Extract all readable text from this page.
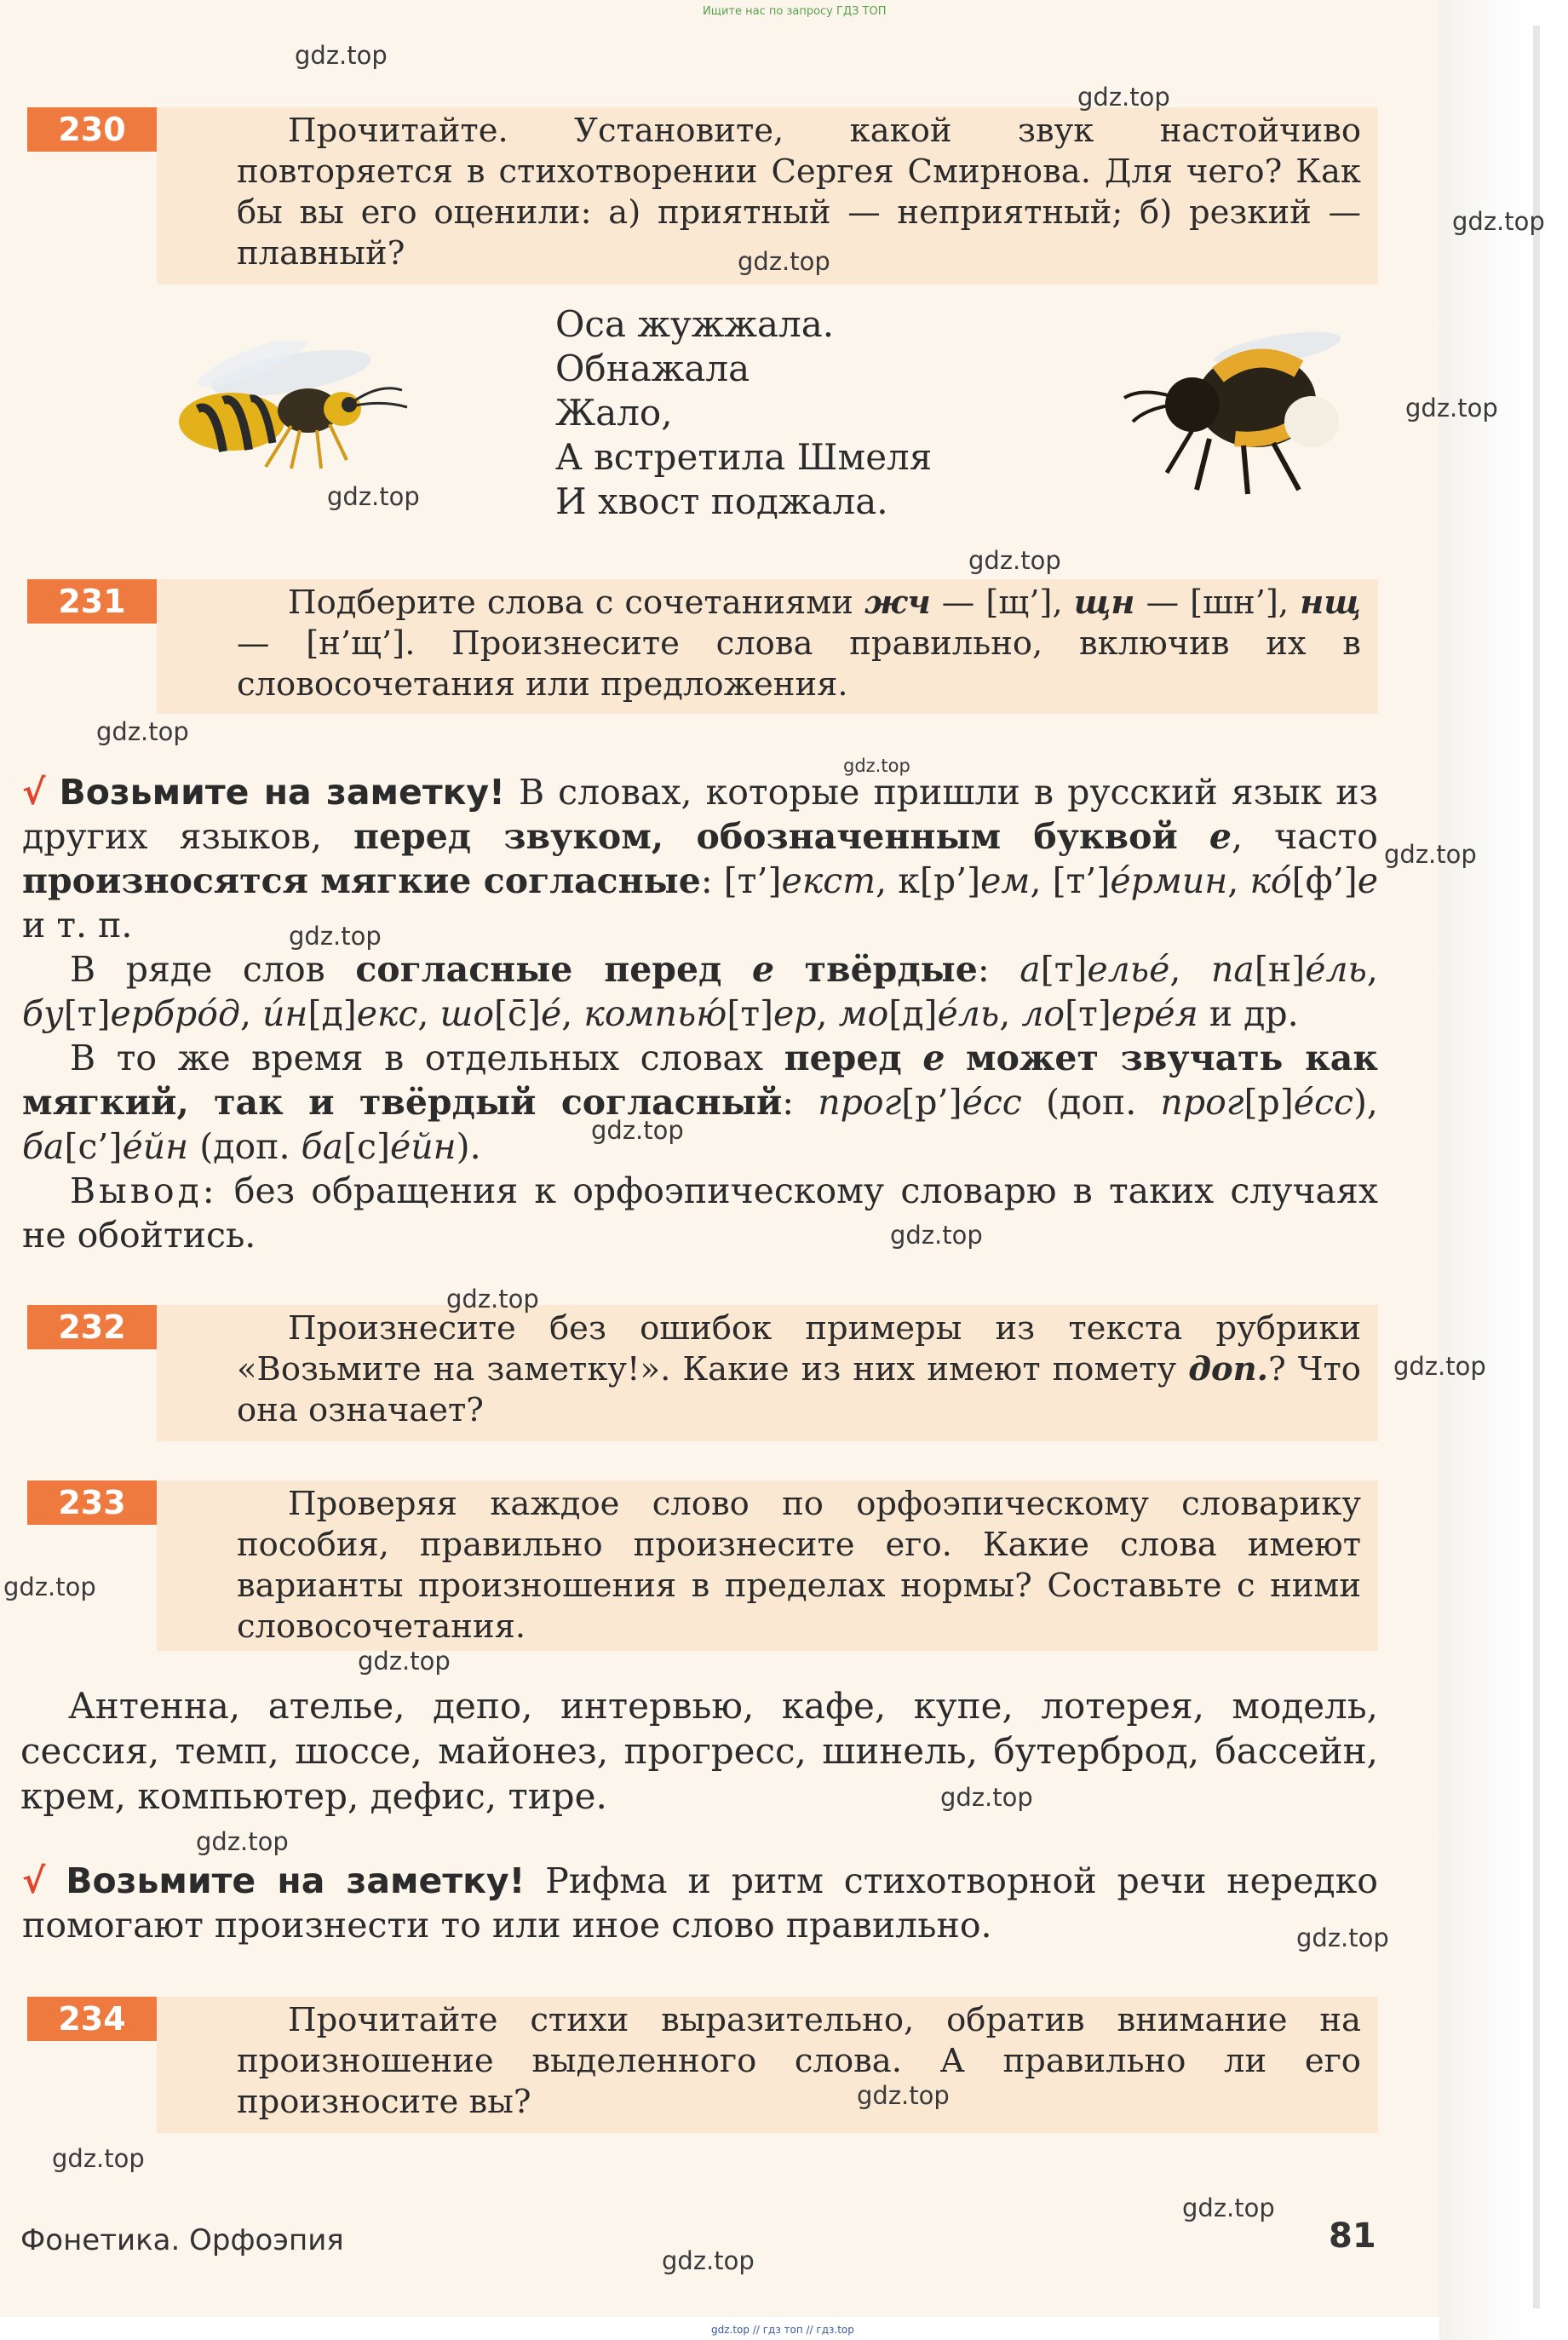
Ищите нас по запросу ГДЗ ТОП
230	Прочитайте. Установите, какой звук настойчиво повторяется в стихотворении Сергея Смирнова. Для чего? Как бы вы его оценили: а) приятный — неприятный; б) резкий — плавный?
Оса жужжала.
Обнажала
Жало,
А встретила Шмеля
И хвост поджала.
231	Подберите слова с сочетаниями жч — [щ’], щн — [шн’], нщ — [н’щ’]. Произнесите слова правильно, включив их в словосочетания или предложения.
√ Возьмите на заметку! В словах, которые пришли в русский язык из других языков, перед звуком, обозначенным буквой е, часто произносятся мягкие согласные: [т’]екст, к[р’]ем, [т’]éрмин, кó[ф’]е и т. п.
В ряде слов согласные перед е твёрдые: а[т]ельé, па[н]éль, бу[т]ербрóд, и́н[д]екс, шо[с̄]é, компью́[т]ер, мо[д]éль, ло[т]ерéя и др.
В то же время в отдельных словах перед е может звучать как мягкий, так и твёрдый согласный: прог[р’]éсс (доп. прог[р]éсс), ба[с’]éйн (доп. ба[с]éйн).
Вывод: без обращения к орфоэпическому словарю в таких случаях не обойтись.
232	Произнесите без ошибок примеры из текста рубрики «Возьмите на заметку!». Какие из них имеют помету доп.? Что она означает?
233	Проверяя каждое слово по орфоэпическому словарику пособия, правильно произнесите его. Какие слова имеют варианты произношения в пределах нормы? Составьте с ними словосочетания.
Антенна, ателье, депо, интервью, кафе, купе, лотерея, модель, сессия, темп, шоссе, майонез, прогресс, шинель, бутерброд, бассейн, крем, компьютер, дефис, тире.
√ Возьмите на заметку! Рифма и ритм стихотворной речи нередко помогают произнести то или иное слово правильно.
234	Прочитайте стихи выразительно, обратив внимание на произношение выделенного слова. А правильно ли его произносите вы?
Фонетика. Орфоэпия	81
gdz.top // гдз топ // гдз.top
gdz.top
gdz.top
gdz.top
gdz.top
gdz.top
gdz.top
gdz.top
gdz.top
gdz.top
gdz.top
gdz.top
gdz.top
gdz.top
gdz.top
gdz.top
gdz.top
gdz.top
gdz.top
gdz.top
gdz.top
gdz.top
gdz.top
gdz.top
gdz.top
